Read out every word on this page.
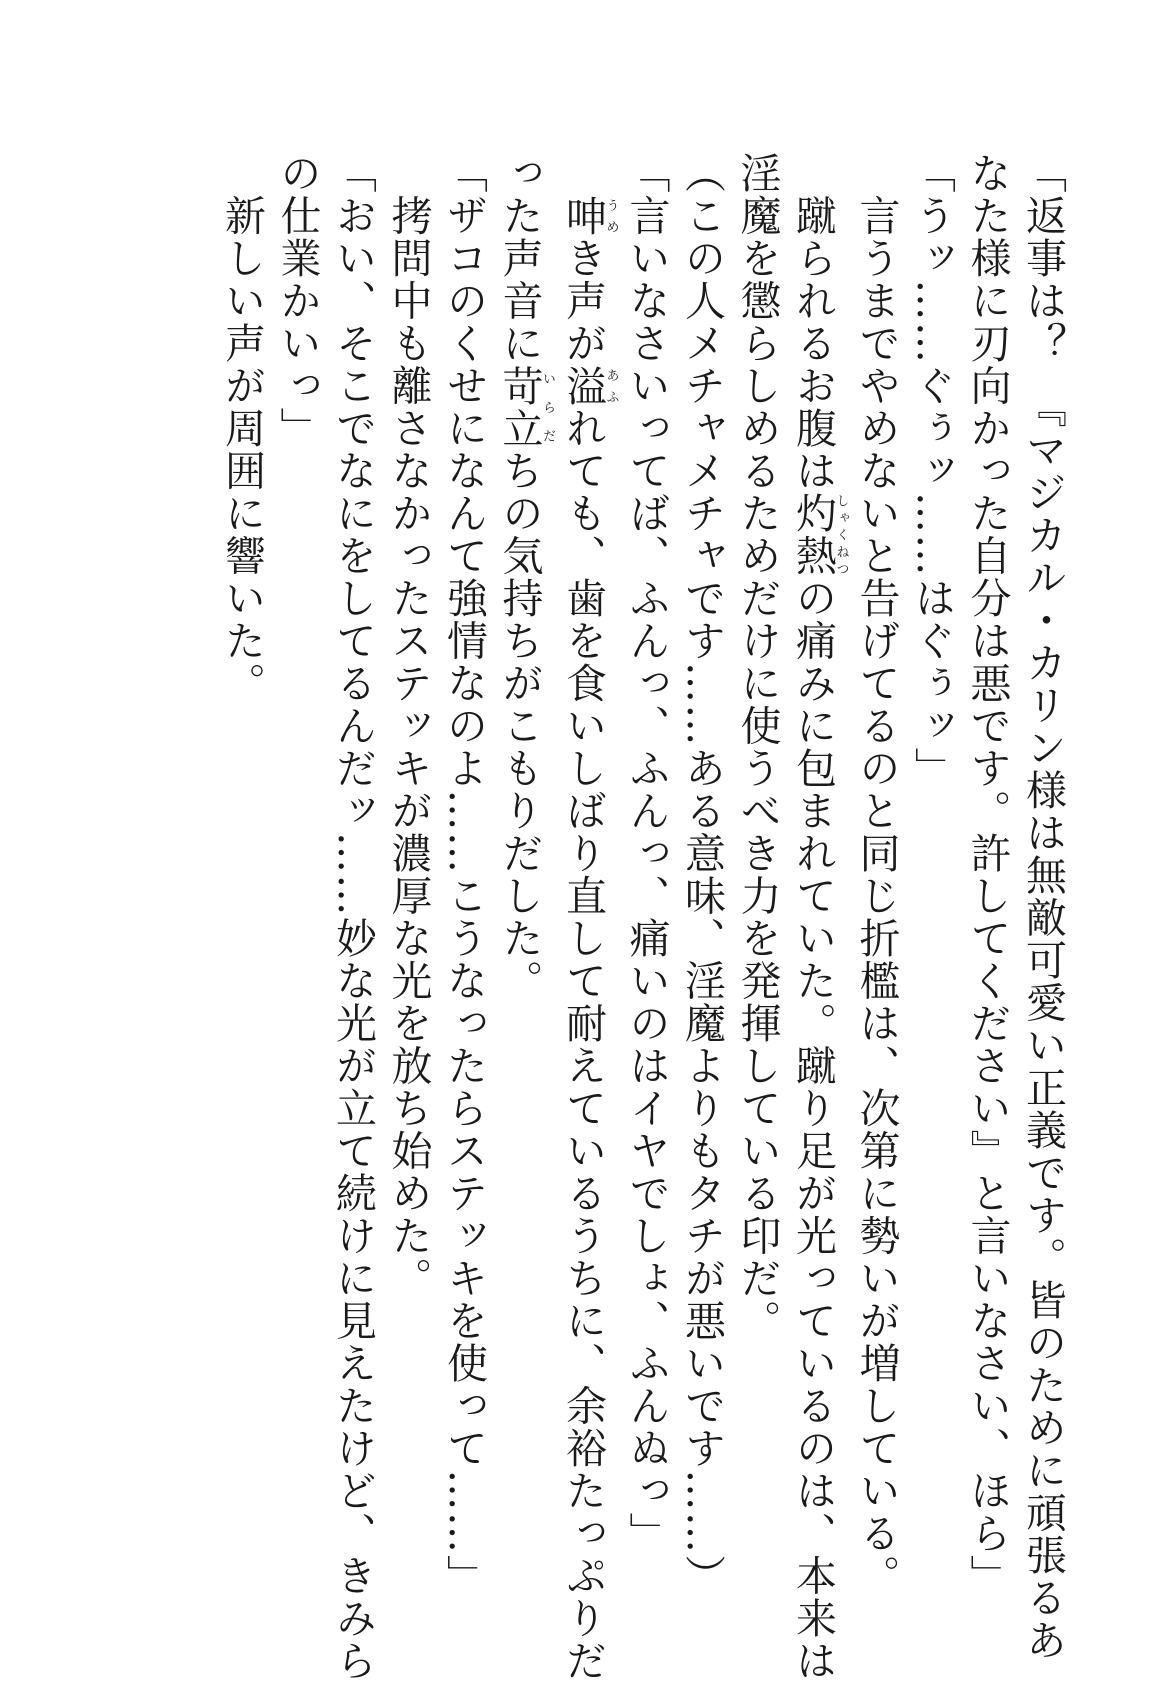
「返事は？　『マジカル・カリン様は無敵可愛い正義です。皆のために頑張るあ
なた様に刃向かった自分は悪です。許してください』と言いなさい、ほら」
「うッ……ぐぅッ……はぐぅッ」
　言うまでやめないと告げてるのと同じ折檻は、次第に勢いが増している。
　蹴られるお腹は灼熱しゃくねつの痛みに包まれていた。蹴り足が光っているのは、本来は
淫魔を懲らしめるためだけに使うべき力を発揮している印だ。
（この人メチャメチャです……ある意味、淫魔よりもタチが悪いです……）
「言いなさいってば、ふんっ、ふんっ、痛いのはイヤでしょ、ふんぬっ」
　呻うめき声が溢あふれても、歯を食いしばり直して耐えているうちに、余裕たっぷりだ
った声音に苛立いらだちの気持ちがこもりだした。
「ザコのくせになんて強情なのよ……こうなったらステッキを使って……」
　拷問中も離さなかったステッキが濃厚な光を放ち始めた。
「おい、そこでなにをしてるんだッ……妙な光が立て続けに見えたけど、きみら
の仕業かいっ」
　新しい声が周囲に響いた。
